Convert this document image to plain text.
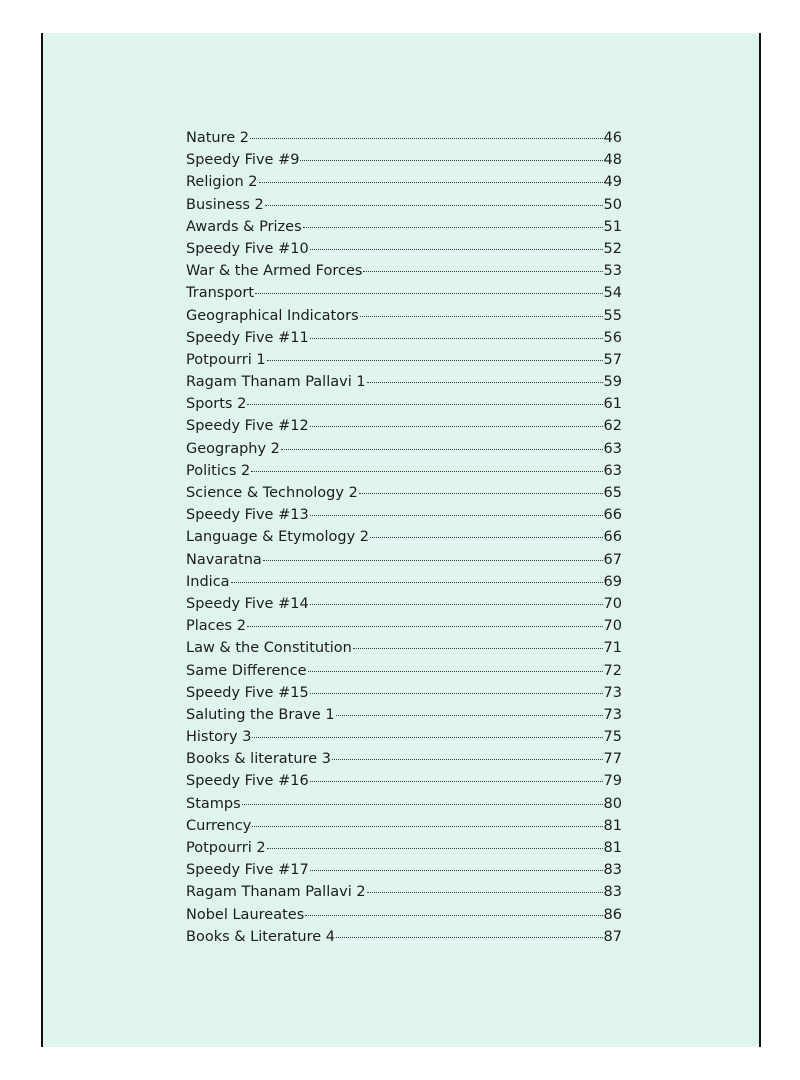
Nature 2	46
Speedy Five #9	48
Religion 2	49
Business 2	50
Awards & Prizes	51
Speedy Five #10	52
War & the Armed Forces	53
Transport	54
Geographical Indicators	55
Speedy Five #11	56
Potpourri 1	57
Ragam Thanam Pallavi 1	59
Sports 2	61
Speedy Five #12	62
Geography 2	63
Politics 2	63
Science & Technology 2	65
Speedy Five #13	66
Language & Etymology 2	66
Navaratna	67
Indica	69
Speedy Five #14	70
Places 2	70
Law & the Constitution	71
Same Difference	72
Speedy Five #15	73
Saluting the Brave 1	73
History 3	75
Books & literature 3	77
Speedy Five #16	79
Stamps	80
Currency	81
Potpourri 2	81
Speedy Five #17	83
Ragam Thanam Pallavi 2	83
Nobel Laureates	86
Books & Literature 4	87
